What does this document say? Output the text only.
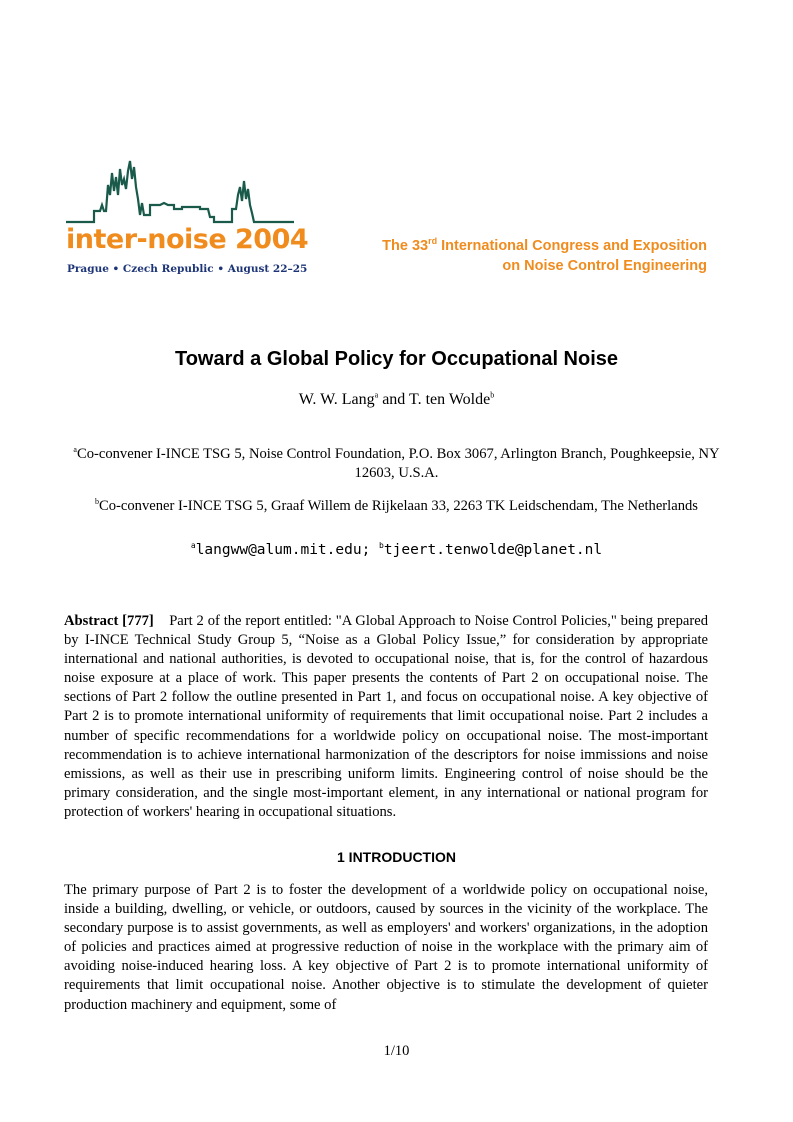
inter-noise 2004
Prague • Czech Republic • August 22–25
The 33rd International Congress and Exposition
on Noise Control Engineering
Toward a Global Policy for Occupational Noise
W. W. Lang$^a$ and T. ten Wolde$^b$
$^a$Co-convener I-INCE TSG 5, Noise Control Foundation, P.O. Box 3067, Arlington Branch, Poughkeepsie, NY 12603, U.S.A.
$^b$Co-convener I-INCE TSG 5, Graaf Willem de Rijkelaan 33, 2263 TK Leidschendam, The Netherlands
$^a$langww@alum.mit.edu; $^b$tjeert.tenwolde@planet.nl

Abstract [777] Part 2 of the report entitled: "A Global Approach to Noise Control Policies," being prepared by I-INCE Technical Study Group 5, “Noise as a Global Policy Issue,” for consideration by appropriate international and national authorities, is devoted to occupational noise, that is, for the control of hazardous noise exposure at a place of work. This paper presents the contents of Part 2 on occupational noise. The sections of Part 2 follow the outline presented in Part 1, and focus on occupational noise. A key objective of Part 2 is to promote international uniformity of requirements that limit occupational noise. Part 2 includes a number of specific recommendations for a worldwide policy on occupational noise. The most-important recommendation is to achieve international harmonization of the descriptors for noise immissions and noise emissions, as well as their use in prescribing uniform limits. Engineering control of noise should be the primary consideration, and the single most-important element, in any international or national program for protection of workers' hearing in occupational situations.

1 INTRODUCTION

The primary purpose of Part 2 is to foster the development of a worldwide policy on occupational noise, inside a building, dwelling, or vehicle, or outdoors, caused by sources in the vicinity of the workplace. The secondary purpose is to assist governments, as well as employers' and workers' organizations, in the adoption of policies and practices aimed at progressive reduction of noise in the workplace with the primary aim of avoiding noise-induced hearing loss. A key objective of Part 2 is to promote international uniformity of requirements that limit occupational noise. Another objective is to stimulate the development of quieter production machinery and equipment, some of

1/10
